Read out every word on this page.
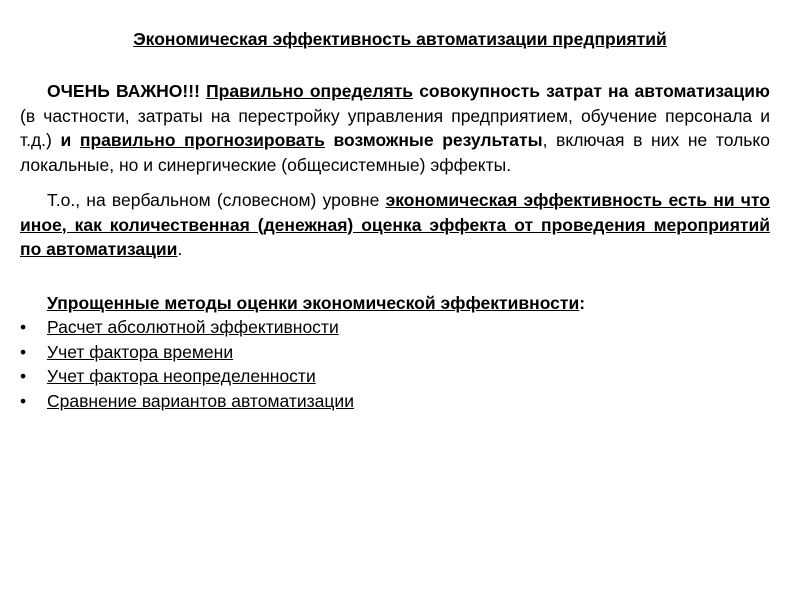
Экономическая эффективность автоматизации предприятий

ОЧЕНЬ ВАЖНО!!! Правильно определять совокупность затрат на автоматизацию (в частности, затраты на перестройку управления предприятием, обучение персонала и т.д.) и правильно прогнозировать возможные результаты, включая в них не только локальные, но и синергические (общесистемные) эффекты.

Т.о., на вербальном (словесном) уровне экономическая эффективность есть ни что иное, как количественная (денежная) оценка эффекта от проведения мероприятий по автоматизации.

Упрощенные методы оценки экономической эффективности:
• Расчет абсолютной эффективности
• Учет фактора времени
• Учет фактора неопределенности
• Сравнение вариантов автоматизации
